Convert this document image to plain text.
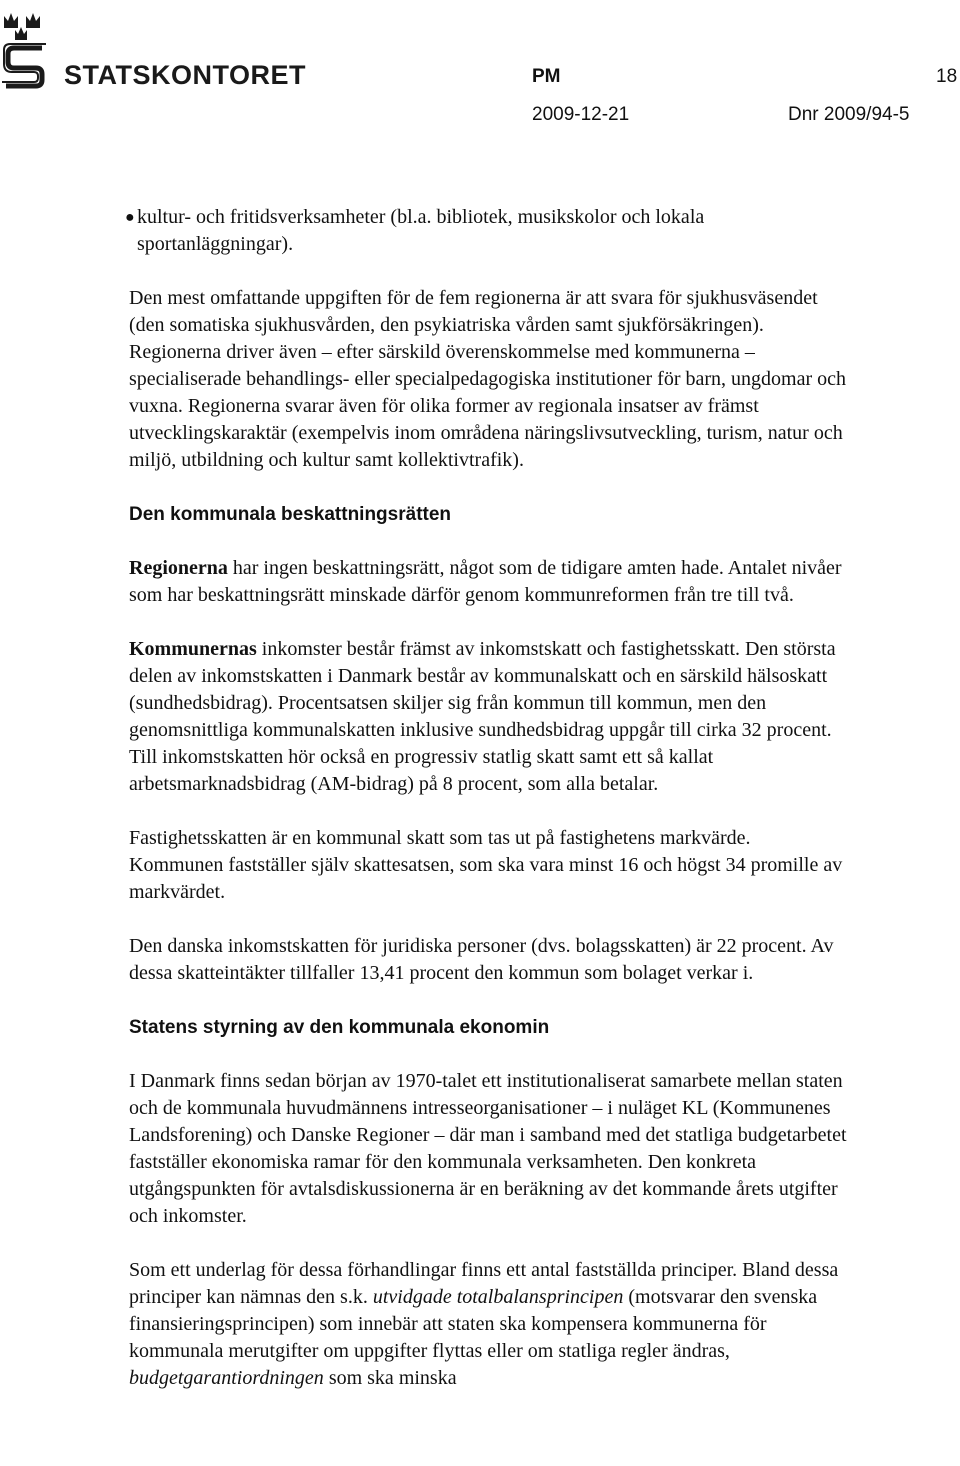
STATSKONTORET	PM	18
2009-12-21	Dnr 2009/94-5
● kultur- och fritidsverksamheter (bl.a. bibliotek, musikskolor och lokala sportanläggningar).

Den mest omfattande uppgiften för de fem regionerna är att svara för sjukhusväsendet (den somatiska sjukhusvården, den psykiatriska vården samt sjukförsäkringen). Regionerna driver även – efter särskild överenskommelse med kommunerna – specialiserade behandlings- eller specialpedagogiska institutioner för barn, ungdomar och vuxna. Regionerna svarar även för olika former av regionala insatser av främst utvecklingskaraktär (exempelvis inom områdena näringslivsutveckling, turism, natur och miljö, utbildning och kultur samt kollektivtrafik).

Den kommunala beskattningsrätten

Regionerna har ingen beskattningsrätt, något som de tidigare amten hade. Antalet nivåer som har beskattningsrätt minskade därför genom kommunreformen från tre till två.

Kommunernas inkomster består främst av inkomstskatt och fastighetsskatt. Den största delen av inkomstskatten i Danmark består av kommunalskatt och en särskild hälsoskatt (sundhedsbidrag). Procentsatsen skiljer sig från kommun till kommun, men den genomsnittliga kommunalskatten inklusive sundhedsbidrag uppgår till cirka 32 procent. Till inkomstskatten hör också en progressiv statlig skatt samt ett så kallat arbetsmarknadsbidrag (AM-bidrag) på 8 procent, som alla betalar.

Fastighetsskatten är en kommunal skatt som tas ut på fastighetens markvärde. Kommunen fastställer själv skattesatsen, som ska vara minst 16 och högst 34 promille av markvärdet.

Den danska inkomstskatten för juridiska personer (dvs. bolagsskatten) är 22 procent. Av dessa skatteintäkter tillfaller 13,41 procent den kommun som bolaget verkar i.

Statens styrning av den kommunala ekonomin

I Danmark finns sedan början av 1970-talet ett institutionaliserat samarbete mellan staten och de kommunala huvudmännens intresseorganisationer – i nuläget KL (Kommunenes Landsforening) och Danske Regioner – där man i samband med det statliga budgetarbetet fastställer ekonomiska ramar för den kommunala verksamheten. Den konkreta utgångspunkten för avtalsdiskussionerna är en beräkning av det kommande årets utgifter och inkomster.

Som ett underlag för dessa förhandlingar finns ett antal fastställda principer. Bland dessa principer kan nämnas den s.k. utvidgade totalbalansprincipen (motsvarar den svenska finansieringsprincipen) som innebär att staten ska kompensera kommunerna för kommunala merutgifter om uppgifter flyttas eller om statliga regler ändras, budgetgarantiordningen som ska minska
